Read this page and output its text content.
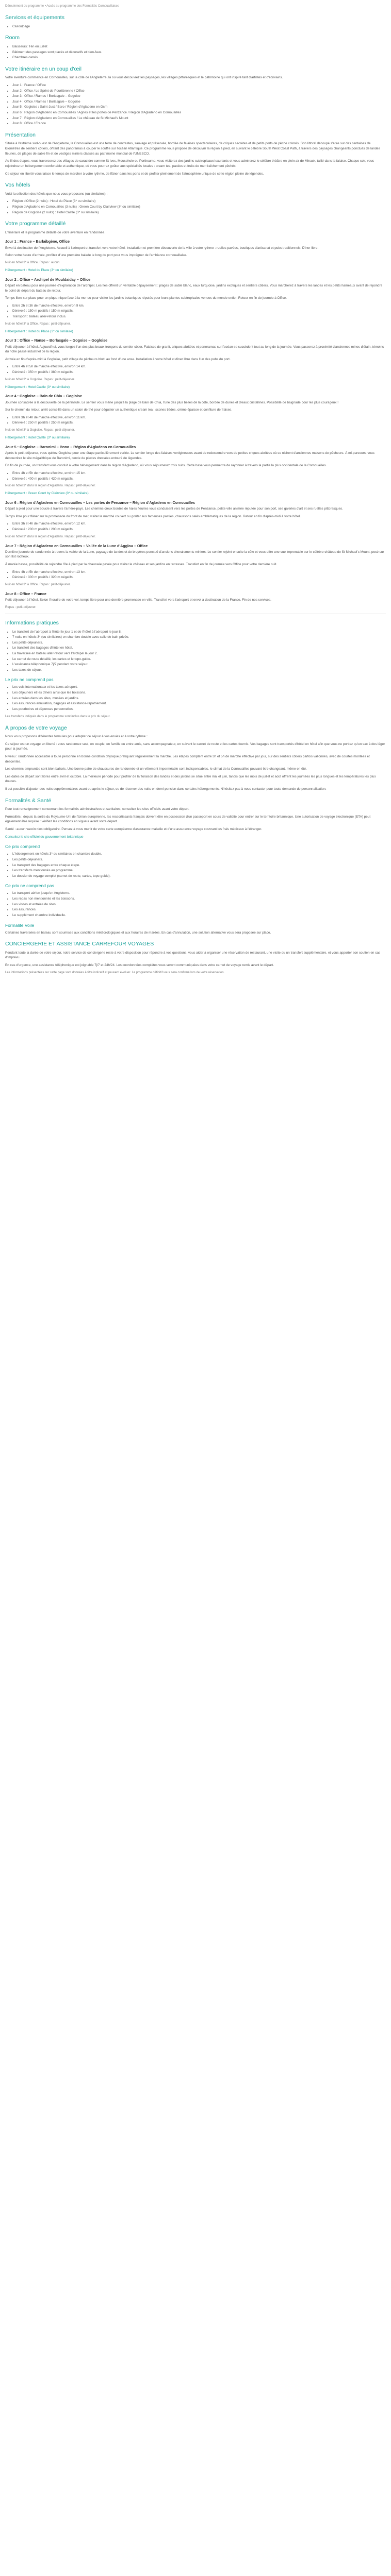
Déroulement du programme • Accès au programme des Formalités Cornouaillaises
Services et équipements
• Casoulpage
Room
• Baisseurs: Tén en juillet
• Bâtiment des passages sont placés et décoratifs et bien-faux.
• Chambres carrés
Votre itinéraire en un coup d'œil

Votre aventure commence en Cornouailles, sur la côte de l'Angleterre, là où vous découvrez les paysages, les villages pittoresques et le patrimoine qui ont inspiré tant d'artistes et d'écrivains.

• Jour 1 : France / Office
• Jour 2 : Office / Le Sprint de Pourtibrenne / Office
• Jour 3 : Office / Rames / Borlasgale – Gogoise
• Jour 4 : Office / Rames / Borlasgale – Gogoise
• Jour 5 : Gogloise / Saint-Just / Baro / Région d'Agladeno en Gsm
• Jour 6 : Région d'Agladeno en Cornouailles / Agnes et les portes de Penzance / Région d'Agladeno en Cornouailles
• Jour 7 : Région d'Agladeno en Cornouailles / Le château de St Michael's Mount
• Jour 8 : Office / France
Présentation

Située à l'extrême sud-ouest de l'Angleterre, la Cornouailles est une terre de contrastes, sauvage et préservée, bordée de falaises spectaculaires, de criques secrètes et de petits ports de pêche colorés. Son littoral découpé s'étire sur des centaines de kilomètres de sentiers côtiers, offrant des panoramas à couper le souffle sur l'océan Atlantique. Ce programme vous propose de découvrir la région à pied, en suivant le célèbre South West Coast Path, à travers des paysages changeants ponctués de landes fleuries, de plages de sable fin et de vestiges miniers classés au patrimoine mondial de l'UNESCO.

Au fil des étapes, vous traverserez des villages de caractère comme St Ives, Mousehole ou Porthcurno, vous visiterez des jardins subtropicaux luxuriants et vous admirerez le célèbre théâtre en plein air de Minack, taillé dans la falaise. Chaque soir, vous rejoindrez un hébergement confortable et authentique, où vous pourrez goûter aux spécialités locales : cream tea, pasties et fruits de mer fraîchement pêchés.

Ce séjour en liberté vous laisse le temps de marcher à votre rythme, de flâner dans les ports et de profiter pleinement de l'atmosphère unique de cette région pleine de légendes.

Vos hôtels

Voici la sélection des hôtels que nous vous proposons (ou similaires) :

• Région d'Office (2 nuits) : Hotel du Place (3* ou similaire)
• Région d'Agladeno en Cornouailles (3 nuits) : Green Court by Clairview (3* ou similaire)
• Région de Gogloise (2 nuits) : Hotel Castle (3* ou similaire)
Votre programme détaillé

L'itinéraire et le programme détaillé de votre aventure en randonnée.

Jour 1 : France – Barlaibgène, Office

Envol à destination de l'Angleterre. Accueil à l'aéroport et transfert vers votre hôtel. Installation et première découverte de la ville à votre rythme : ruelles pavées, boutiques d'artisanat et pubs traditionnels. Dîner libre.

Selon votre heure d'arrivée, profitez d'une première balade le long du port pour vous imprégner de l'ambiance cornouaillaise.

Nuit en hôtel 3* à Office. Repas : aucun.

Hébergement : Hotel du Place (3* ou similaire)

Jour 2 : Office – Archipel de Mouldaiday – Office

Départ en bateau pour une journée d'exploration de l'archipel. Les îles offrent un véritable dépaysement : plages de sable blanc, eaux turquoise, jardins exotiques et sentiers côtiers. Vous marcherez à travers les landes et les petits hameaux avant de rejoindre le point de départ du bateau de retour.

Temps libre sur place pour un pique-nique face à la mer ou pour visiter les jardins botaniques réputés pour leurs plantes subtropicales venues du monde entier. Retour en fin de journée à Office.

• Entre 2h et 3h de marche effective, environ 9 km.
• Dénivelé : 150 m positifs / 150 m négatifs.
• Transport : bateau aller-retour inclus.

Nuit en hôtel 3* à Office. Repas : petit-déjeuner.

Hébergement : Hotel du Place (3* ou similaire)

Jour 3 : Office – Nanse – Borlasgale – Gogoise – Gogloise

Petit-déjeuner à l'hôtel. Aujourd'hui, vous longez l'un des plus beaux tronçons du sentier côtier. Falaises de granit, criques abritées et panoramas sur l'océan se succèdent tout au long de la journée. Vous passerez à proximité d'anciennes mines d'étain, témoins du riche passé industriel de la région.

Arrivée en fin d'après-midi à Gogloise, petit village de pêcheurs blotti au fond d'une anse. Installation à votre hôtel et dîner libre dans l'un des pubs du port.

• Entre 4h et 5h de marche effective, environ 14 km.
• Dénivelé : 350 m positifs / 380 m négatifs.

Nuit en hôtel 3* à Gogloise. Repas : petit-déjeuner.

Hébergement : Hotel Castle (3* ou similaire)

Jour 4 : Gogloise – Bain de Chia – Gogloise

Journée consacrée à la découverte de la péninsule. Le sentier vous mène jusqu'à la plage de Bain de Chia, l'une des plus belles de la côte, bordée de dunes et d'eaux cristallines. Possibilité de baignade pour les plus courageux !

Sur le chemin du retour, arrêt conseillé dans un salon de thé pour déguster un authentique cream tea : scones tièdes, crème épaisse et confiture de fraises.

• Entre 3h et 4h de marche effective, environ 11 km.
• Dénivelé : 250 m positifs / 250 m négatifs.

Nuit en hôtel 3* à Gogloise. Repas : petit-déjeuner.

Hébergement : Hotel Castle (3* ou similaire)

Jour 5 : Gogloise – Baronimi – Bnno – Région d'Agladeno en Cornouailles

Après le petit-déjeuner, vous quittez Gogloise pour une étape particulièrement variée. Le sentier longe des falaises vertigineuses avant de redescendre vers de petites criques abritées où se nichent d'anciennes maisons de pêcheurs. À mi-parcours, vous découvrirez le site mégalithique de Baronimi, cercle de pierres dressées entouré de légendes.

En fin de journée, un transfert vous conduit à votre hébergement dans la région d'Agladeno, où vous séjournerez trois nuits. Cette base vous permettra de rayonner à travers la partie la plus occidentale de la Cornouailles.

• Entre 4h et 5h de marche effective, environ 15 km.
• Dénivelé : 400 m positifs / 420 m négatifs.

Nuit en hôtel 3* dans la région d'Agladeno. Repas : petit-déjeuner.

Hébergement : Green Court by Clairview (3* ou similaire)

Jour 6 : Région d'Agladeno en Cornouailles – Les portes de Penzance – Région d'Agladeno en Cornouailles

Départ à pied pour une boucle à travers l'arrière-pays. Les chemins creux bordés de haies fleuries vous conduisent vers les portes de Penzance, petite ville animée réputée pour son port, ses galeries d'art et ses ruelles pittoresques.

Temps libre pour flâner sur la promenade du front de mer, visiter le marché couvert ou goûter aux fameuses pasties, chaussons salés emblématiques de la région. Retour en fin d'après-midi à votre hôtel.

• Entre 3h et 4h de marche effective, environ 12 km.
• Dénivelé : 200 m positifs / 200 m négatifs.

Nuit en hôtel 3* dans la région d'Agladeno. Repas : petit-déjeuner.

Jour 7 : Région d'Agladeno en Cornouailles – Vallée de la Lune d'Agglou – Office

Dernière journée de randonnée à travers la vallée de la Lune, paysage de landes et de bruyères ponctué d'anciens chevalements miniers. Le sentier rejoint ensuite la côte et vous offre une vue imprenable sur le célèbre château de St Michael's Mount, posé sur son îlot rocheux.

À marée basse, possibilité de rejoindre l'île à pied par la chaussée pavée pour visiter le château et ses jardins en terrasses. Transfert en fin de journée vers Office pour votre dernière nuit.

• Entre 4h et 5h de marche effective, environ 13 km.
• Dénivelé : 300 m positifs / 320 m négatifs.

Nuit en hôtel 3* à Office. Repas : petit-déjeuner.

Jour 8 : Office – France

Petit-déjeuner à l'hôtel. Selon l'horaire de votre vol, temps libre pour une dernière promenade en ville. Transfert vers l'aéroport et envol à destination de la France. Fin de nos services.

Repas : petit-déjeuner.

Informations pratiques
• Le transfert de l'aéroport à l'hôtel le jour 1 et de l'hôtel à l'aéroport le jour 8.
• 7 nuits en hôtels 3* (ou similaires) en chambre double avec salle de bain privée.
• Les petits-déjeuners.
• Le transfert des bagages d'hôtel en hôtel.
• La traversée en bateau aller-retour vers l'archipel le jour 2.
• Le carnet de route détaillé, les cartes et le topo-guide.
• L'assistance téléphonique 7j/7 pendant votre séjour.
• Les taxes de séjour.
Le prix ne comprend pas
• Les vols internationaux et les taxes aéroport.
• Les déjeuners et les dîners ainsi que les boissons.
• Les entrées dans les sites, musées et jardins.
• Les assurances annulation, bagages et assistance-rapatriement.
• Les pourboires et dépenses personnelles.

Les transferts indiqués dans le programme sont inclus dans le prix du séjour.

À propos de votre voyage

Nous vous proposons différentes formules pour adapter ce séjour à vos envies et à votre rythme :

Ce séjour est un voyage en liberté : vous randonnez seul, en couple, en famille ou entre amis, sans accompagnateur, en suivant le carnet de route et les cartes fournis. Vos bagages sont transportés d'hôtel en hôtel afin que vous ne portiez qu'un sac à dos léger pour la journée.

Niveau : randonnée accessible à toute personne en bonne condition physique pratiquant régulièrement la marche. Les étapes comptent entre 3h et 5h de marche effective par jour, sur des sentiers côtiers parfois vallonnés, avec de courtes montées et descentes.

Les chemins empruntés sont bien balisés. Une bonne paire de chaussures de randonnée et un vêtement imperméable sont indispensables, le climat de la Cornouailles pouvant être changeant, même en été.

Les dates de départ sont libres entre avril et octobre. La meilleure période pour profiter de la floraison des landes et des jardins se situe entre mai et juin, tandis que les mois de juillet et août offrent les journées les plus longues et les températures les plus douces.

Il est possible d'ajouter des nuits supplémentaires avant ou après le séjour, ou de réserver des nuits en demi-pension dans certains hébergements. N'hésitez pas à nous contacter pour toute demande de personnalisation.

Formalités & Santé

Pour tout renseignement concernant les formalités administratives et sanitaires, consultez les sites officiels avant votre départ.

Formalités : depuis la sortie du Royaume-Uni de l'Union européenne, les ressortissants français doivent être en possession d'un passeport en cours de validité pour entrer sur le territoire britannique. Une autorisation de voyage électronique (ETA) peut également être requise : vérifiez les conditions en vigueur avant votre départ.

Santé : aucun vaccin n'est obligatoire. Pensez à vous munir de votre carte européenne d'assurance maladie et d'une assurance voyage couvrant les frais médicaux à l'étranger.

Consultez le site officiel du gouvernement britannique

Ce prix comprend
• L'hébergement en hôtels 3* ou similaires en chambre double.
• Les petits-déjeuners.
• Le transport des bagages entre chaque étape.
• Les transferts mentionnés au programme.
• Le dossier de voyage complet (carnet de route, cartes, topo-guide).
Ce prix ne comprend pas
• Le transport aérien jusqu'en Angleterre.
• Les repas non mentionnés et les boissons.
• Les visites et entrées de sites.
• Les assurances.
• Le supplément chambre individuelle.
Formalité Voile

Certaines traversées en bateau sont soumises aux conditions météorologiques et aux horaires de marées. En cas d'annulation, une solution alternative vous sera proposée sur place.

CONCIERGERIE ET ASSISTANCE CARREFOUR VOYAGES

Pendant toute la durée de votre séjour, notre service de conciergerie reste à votre disposition pour répondre à vos questions, vous aider à organiser une réservation de restaurant, une visite ou un transfert supplémentaire, et vous apporter son soutien en cas d'imprévu.

En cas d'urgence, une assistance téléphonique est joignable 7j/7 et 24h/24. Les coordonnées complètes vous seront communiquées dans votre carnet de voyage remis avant le départ.

Les informations présentées sur cette page sont données à titre indicatif et peuvent évoluer. Le programme définitif vous sera confirmé lors de votre réservation.
